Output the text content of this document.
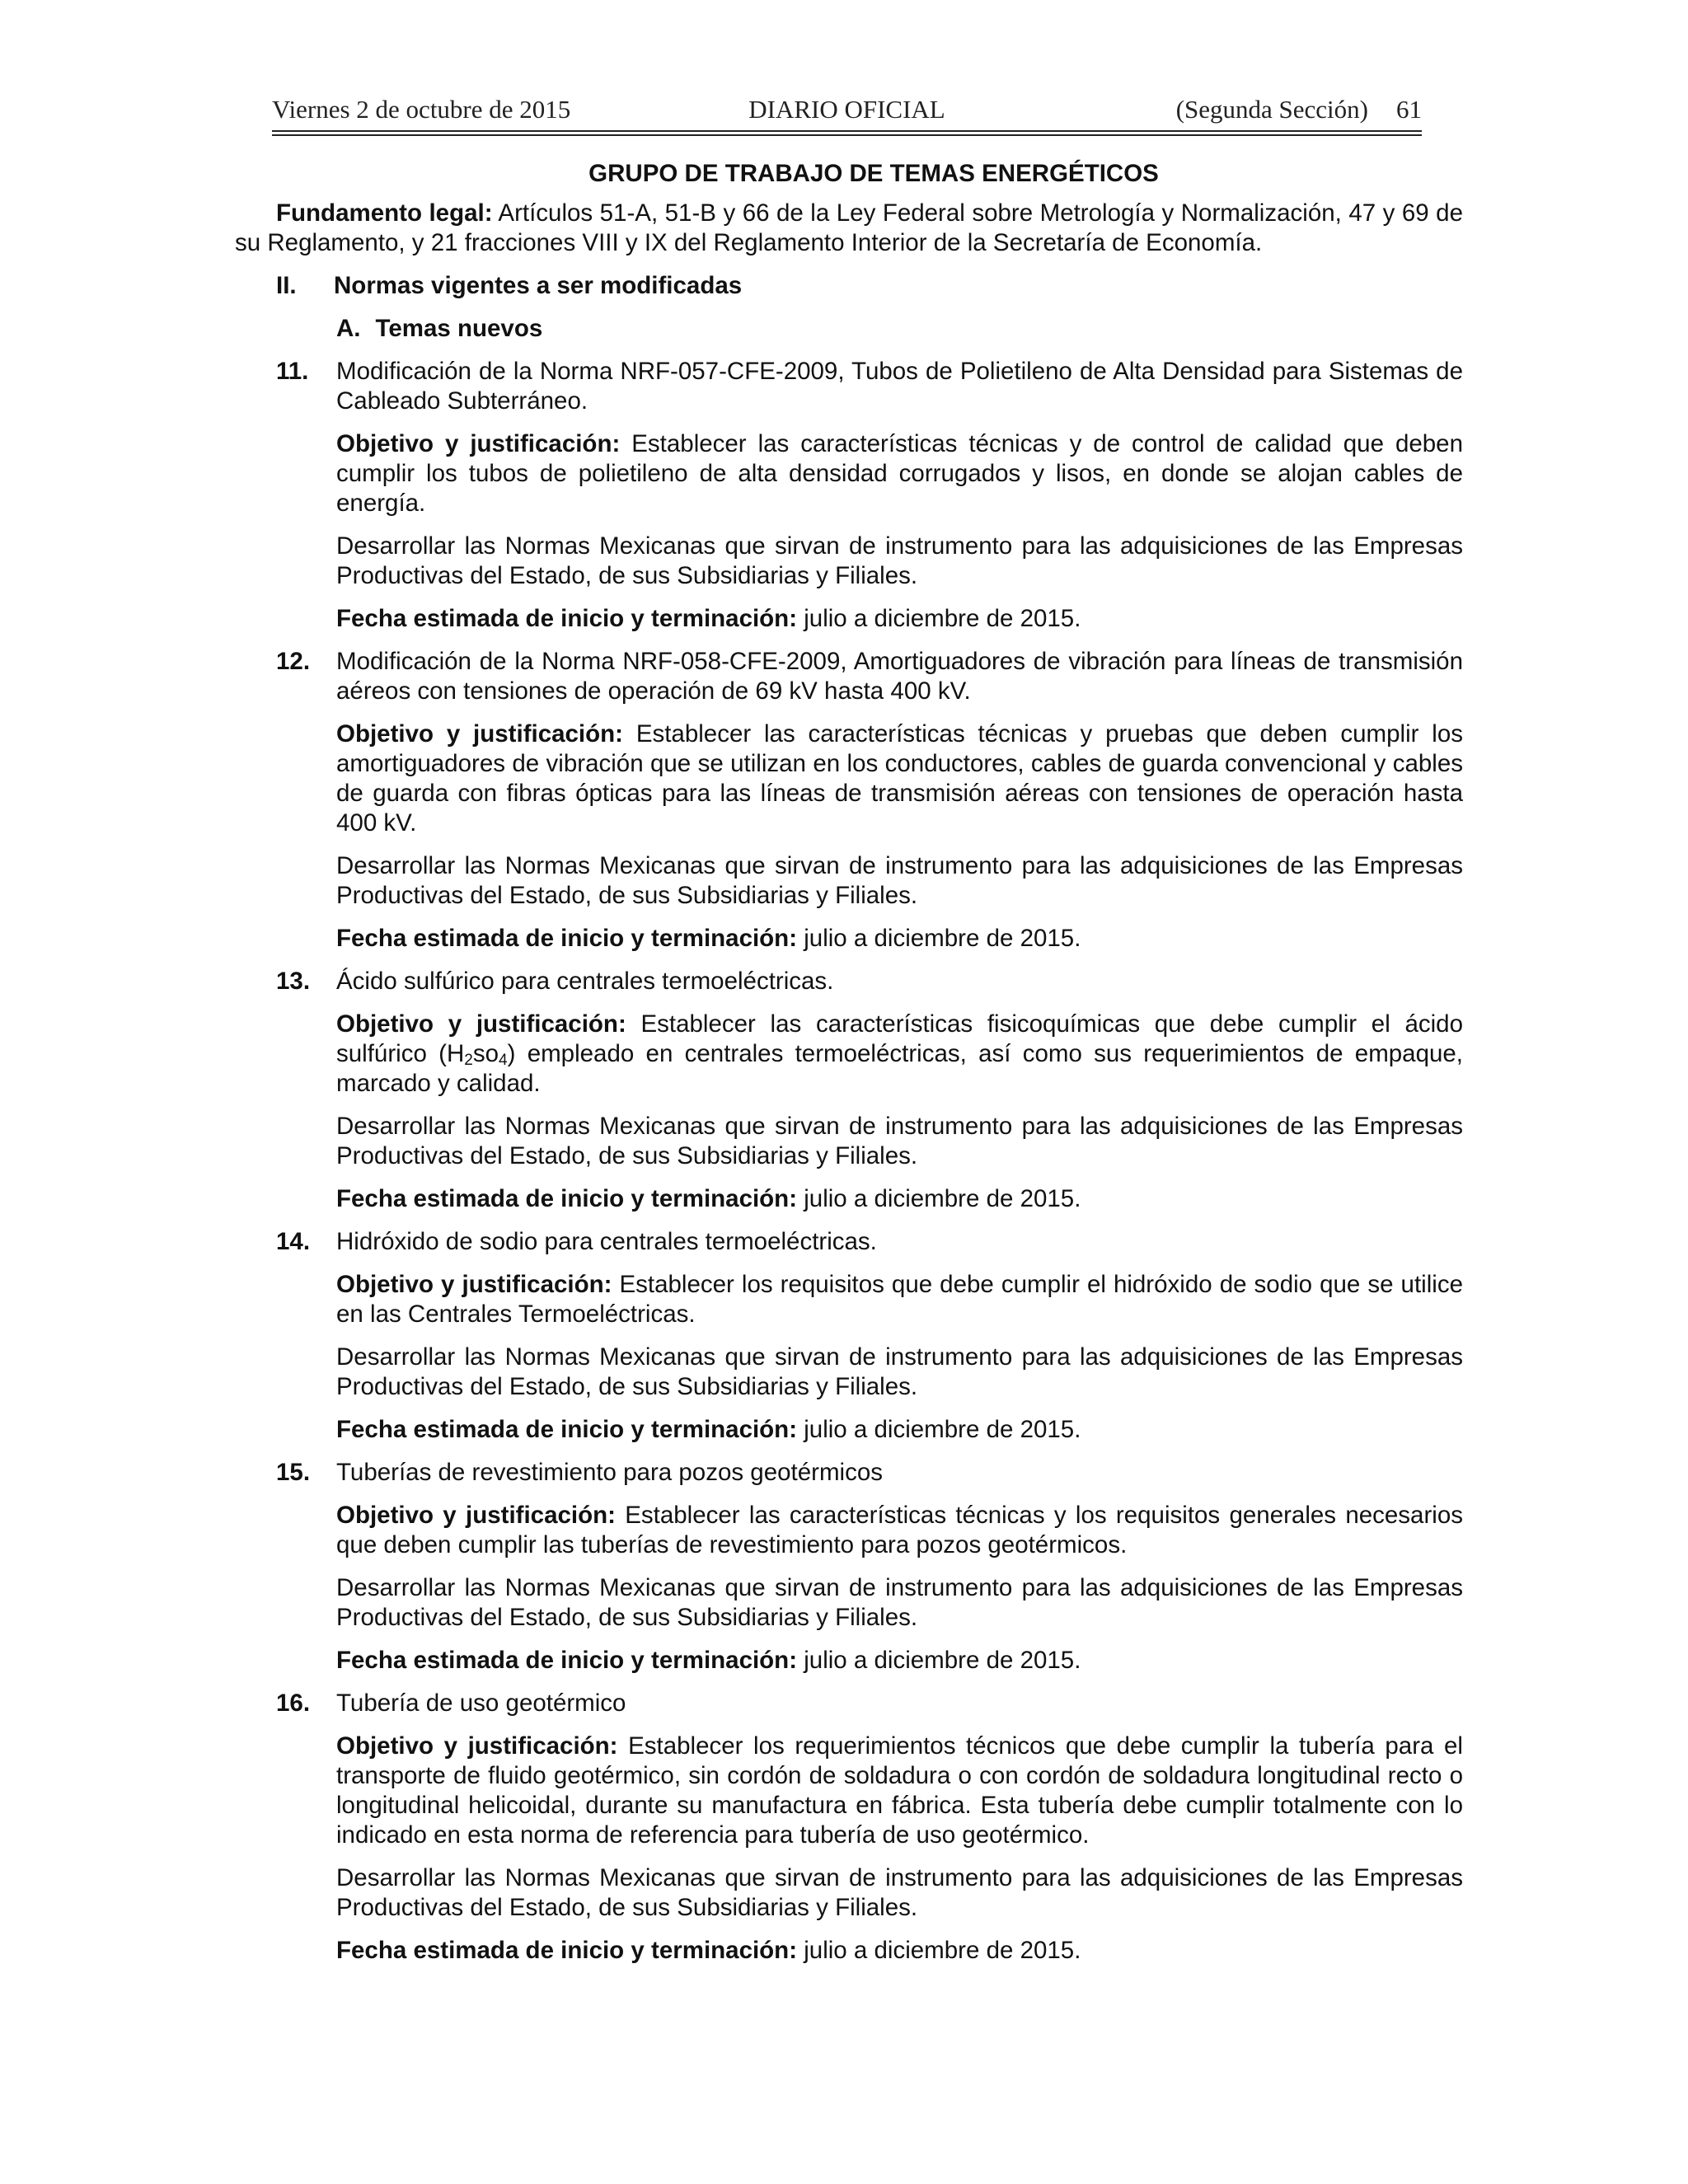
Viernes 2 de octubre de 2015	DIARIO OFICIAL	(Segunda Sección) 61
GRUPO DE TRABAJO DE TEMAS ENERGÉTICOS
Fundamento legal: Artículos 51-A, 51-B y 66 de la Ley Federal sobre Metrología y Normalización, 47 y 69 de su Reglamento, y 21 fracciones VIII y IX del Reglamento Interior de la Secretaría de Economía.
II. Normas vigentes a ser modificadas
A. Temas nuevos
11. Modificación de la Norma NRF-057-CFE-2009, Tubos de Polietileno de Alta Densidad para Sistemas de Cableado Subterráneo.
Objetivo y justificación: Establecer las características técnicas y de control de calidad que deben cumplir los tubos de polietileno de alta densidad corrugados y lisos, en donde se alojan cables de energía.
Desarrollar las Normas Mexicanas que sirvan de instrumento para las adquisiciones de las Empresas Productivas del Estado, de sus Subsidiarias y Filiales.
Fecha estimada de inicio y terminación: julio a diciembre de 2015.
12. Modificación de la Norma NRF-058-CFE-2009, Amortiguadores de vibración para líneas de transmisión aéreos con tensiones de operación de 69 kV hasta 400 kV.
Objetivo y justificación: Establecer las características técnicas y pruebas que deben cumplir los amortiguadores de vibración que se utilizan en los conductores, cables de guarda convencional y cables de guarda con fibras ópticas para las líneas de transmisión aéreas con tensiones de operación hasta 400 kV.
Desarrollar las Normas Mexicanas que sirvan de instrumento para las adquisiciones de las Empresas Productivas del Estado, de sus Subsidiarias y Filiales.
Fecha estimada de inicio y terminación: julio a diciembre de 2015.
13. Ácido sulfúrico para centrales termoeléctricas.
Objetivo y justificación: Establecer las características fisicoquímicas que debe cumplir el ácido sulfúrico $(H_2so_4)$ empleado en centrales termoeléctricas, así como sus requerimientos de empaque, marcado y calidad.
Desarrollar las Normas Mexicanas que sirvan de instrumento para las adquisiciones de las Empresas Productivas del Estado, de sus Subsidiarias y Filiales.
Fecha estimada de inicio y terminación: julio a diciembre de 2015.
14. Hidróxido de sodio para centrales termoeléctricas.
Objetivo y justificación: Establecer los requisitos que debe cumplir el hidróxido de sodio que se utilice en las Centrales Termoeléctricas.
Desarrollar las Normas Mexicanas que sirvan de instrumento para las adquisiciones de las Empresas Productivas del Estado, de sus Subsidiarias y Filiales.
Fecha estimada de inicio y terminación: julio a diciembre de 2015.
15. Tuberías de revestimiento para pozos geotérmicos
Objetivo y justificación: Establecer las características técnicas y los requisitos generales necesarios que deben cumplir las tuberías de revestimiento para pozos geotérmicos.
Desarrollar las Normas Mexicanas que sirvan de instrumento para las adquisiciones de las Empresas Productivas del Estado, de sus Subsidiarias y Filiales.
Fecha estimada de inicio y terminación: julio a diciembre de 2015.
16. Tubería de uso geotérmico
Objetivo y justificación: Establecer los requerimientos técnicos que debe cumplir la tubería para el transporte de fluido geotérmico, sin cordón de soldadura o con cordón de soldadura longitudinal recto o longitudinal helicoidal, durante su manufactura en fábrica. Esta tubería debe cumplir totalmente con lo indicado en esta norma de referencia para tubería de uso geotérmico.
Desarrollar las Normas Mexicanas que sirvan de instrumento para las adquisiciones de las Empresas Productivas del Estado, de sus Subsidiarias y Filiales.
Fecha estimada de inicio y terminación: julio a diciembre de 2015.
